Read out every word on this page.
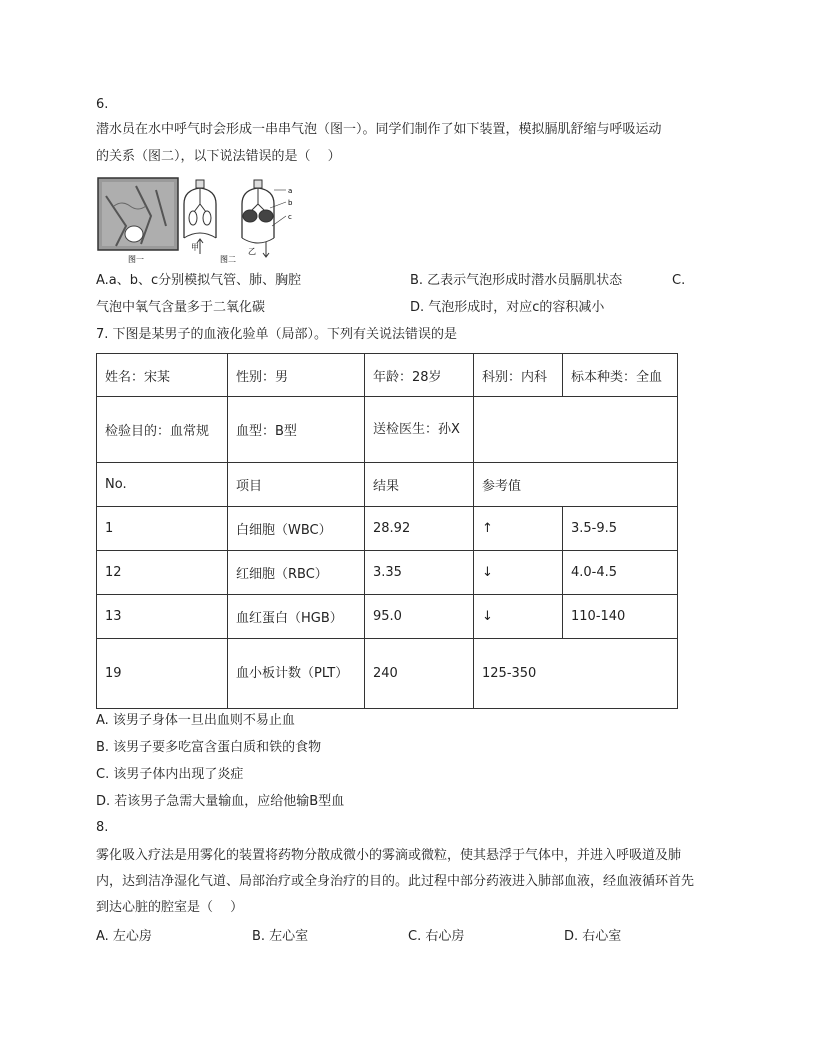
6.
潜水员在水中呼气时会形成一串串气泡（图一）。同学们制作了如下装置，模拟膈肌舒缩与呼吸运动
的关系（图二），以下说法错误的是（　 ）
a
b
c
甲	乙
图一	图二
A.a、b、c分别模拟气管、肺、胸腔	B. 乙表示气泡形成时潜水员膈肌状态	C.
气泡中氧气含量多于二氧化碳	D. 气泡形成时，对应c的容积减小
7. 下图是某男子的血液化验单（局部）。下列有关说法错误的是
姓名：宋某	性别：男	年龄：28岁	科别：内科	标本种类：全血
检验目的：血常规	血型：B型	送检医生：孙X		
No.	项目	结果	参考值	
1	白细胞（WBC）	28.92	↑	3.5-9.5
12	红细胞（RBC）	3.35	↓	4.0-4.5
13	血红蛋白（HGB）	95.0	↓	110-140
19	血小板计数（PLT）	240	125-350	
A. 该男子身体一旦出血则不易止血
B. 该男子要多吃富含蛋白质和铁的食物
C. 该男子体内出现了炎症
D. 若该男子急需大量输血，应给他输B型血
8.
雾化吸入疗法是用雾化的装置将药物分散成微小的雾滴或微粒，使其悬浮于气体中，并进入呼吸道及肺内，达到洁净湿化气道、局部治疗或全身治疗的目的。此过程中部分药液进入肺部血液，经血液循环首先到达心脏的腔室是（　 ）
A. 左心房	B. 左心室	C. 右心房	D. 右心室
